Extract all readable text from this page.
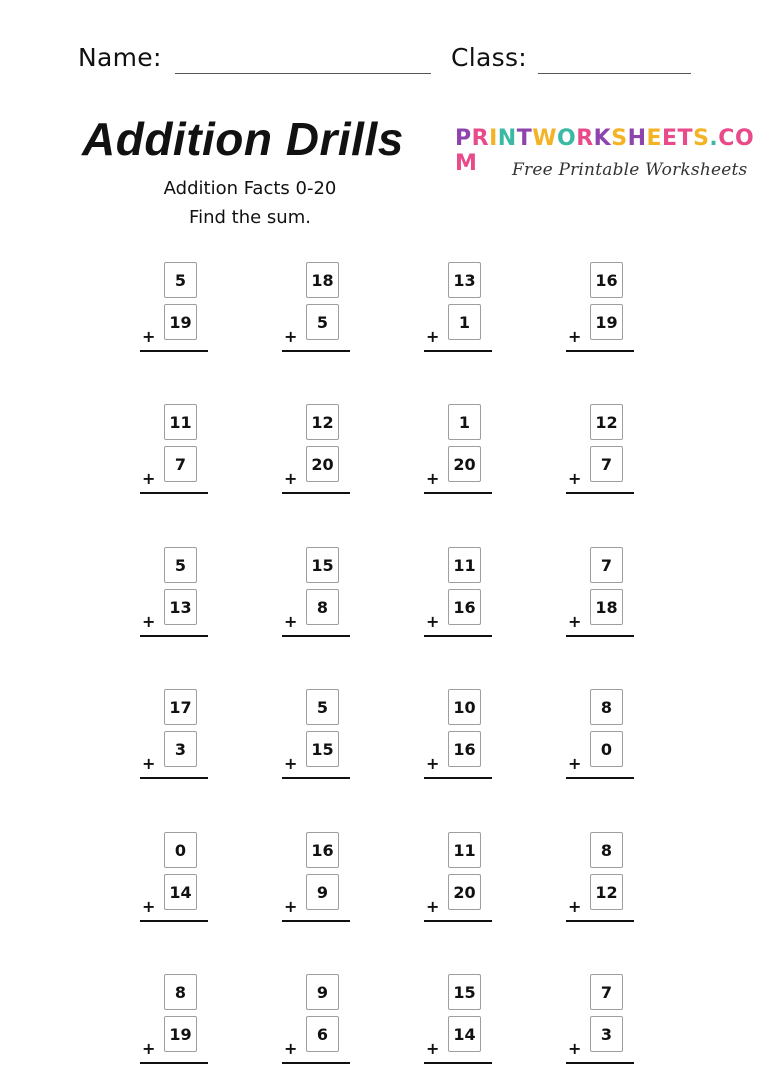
Name:	Class:
Addition Drills
Addition Facts 0-20
Find the sum.
PRINTWORKSHEETS.COM	Free Printable Worksheets
5
19
+
18
5
+
13
1
+
16
19
+
11
7
+
12
20
+
1
20
+
12
7
+
5
13
+
15
8
+
11
16
+
7
18
+
17
3
+
5
15
+
10
16
+
8
0
+
0
14
+
16
9
+
11
20
+
8
12
+
8
19
+
9
6
+
15
14
+
7
3
+
